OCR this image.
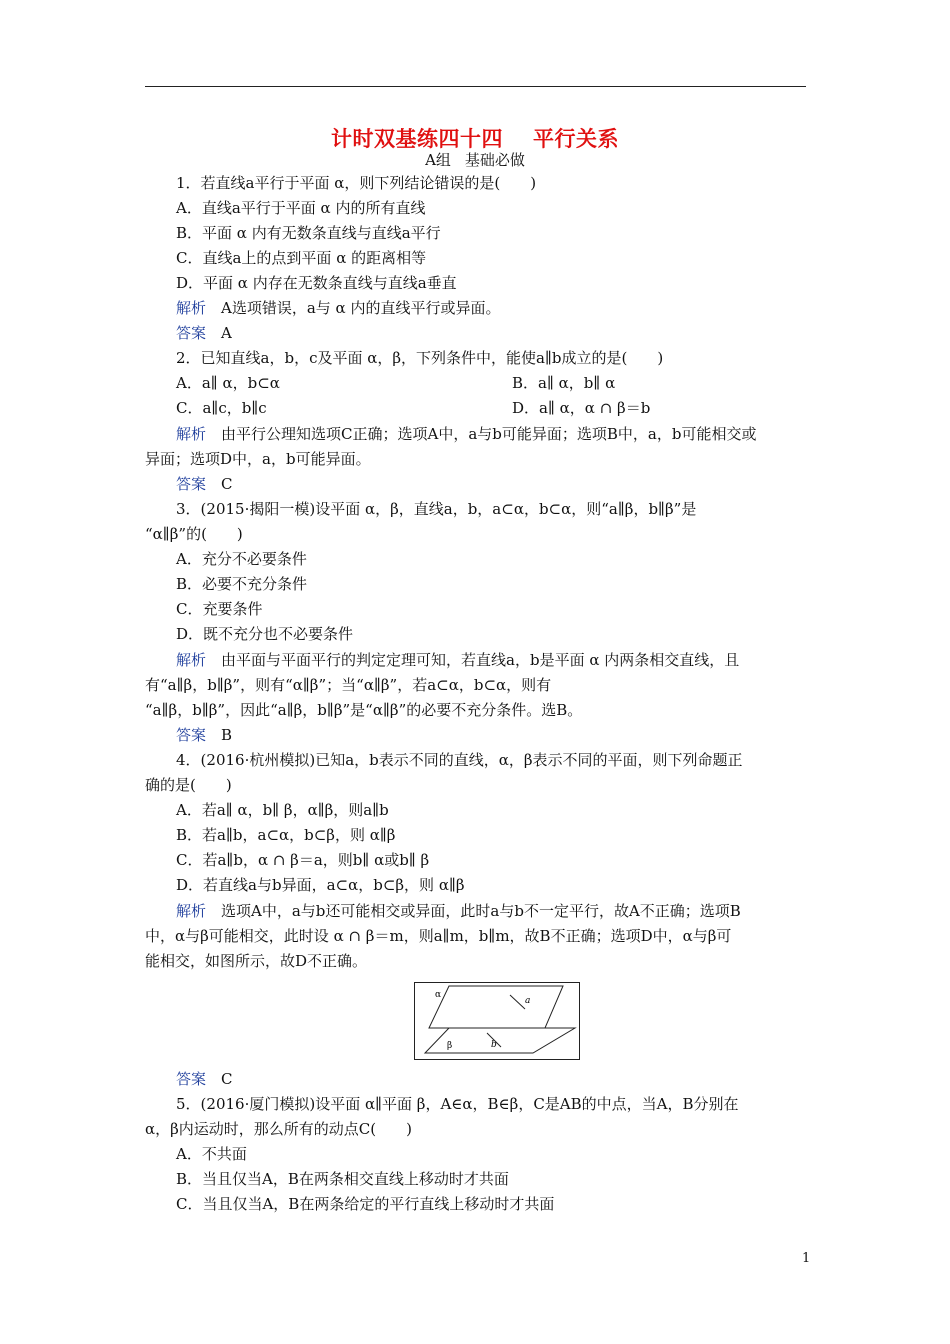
计时双基练四十四 平行关系
A组 基础必做
1．若直线a平行于平面 α，则下列结论错误的是(　　)
A．直线a平行于平面 α 内的所有直线
B．平面 α 内有无数条直线与直线a平行
C．直线a上的点到平面 α 的距离相等
D．平面 α 内存在无数条直线与直线a垂直
2．已知直线a，b，c及平面 α，β，下列条件中，能使a∥b成立的是(　　)
A．a∥ α，b⊂α	B．a∥ α，b∥ α
C．a∥c，b∥c	D．a∥ α，α ∩ β＝b
异面；选项D中，a，b可能异面。
3．(2015·揭阳一模)设平面 α，β，直线a，b，a⊂α，b⊂α，则“a∥β，b∥β”是
“α∥β”的(　　)
A．充分不必要条件
B．必要不充分条件
C．充要条件
D．既不充分也不必要条件
“a∥β，b∥β”，因此“a∥β，b∥β”是“α∥β”的必要不充分条件。选B。
4．(2016·杭州模拟)已知a，b表示不同的直线，α，β表示不同的平面，则下列命题正
确的是(　　)
A．若a∥ α，b∥ β，α∥β，则a∥b
B．若a∥b，a⊂α，b⊂β，则 α∥β
C．若a∥b，α ∩ β＝a，则b∥ α或b∥ β
D．若直线a与b异面，a⊂α，b⊂β，则 α∥β
能相交，如图所示，故D不正确。
5．(2016·厦门模拟)设平面 α∥平面 β，A∈α，B∈β，C是AB的中点，当A，B分别在
α，β内运动时，那么所有的动点C(　　)
A．不共面
B．当且仅当A，B在两条相交直线上移动时才共面
C．当且仅当A，B在两条给定的平行直线上移动时才共面
解析　A选项错误，a与 α 内的直线平行或异面。
答案　A
解析　由平行公理知选项C正确；选项A中，a与b可能异面；选项B中，a，b可能相交或
答案　C
解析　由平面与平面平行的判定定理可知，若直线a，b是平面 α 内两条相交直线，且
答案　B
解析　选项A中，a与b还可能相交或异面，此时a与b不一定平行，故A不正确；选项B
答案　C
有“a∥β，b∥β”，则有“α∥β”；当“α∥β”，若a⊂α，b⊂α，则有
中，α与β可能相交，此时设 α ∩ β＝m，则a∥m，b∥m，故B不正确；选项D中，α与β可
α
a
β	b
1
